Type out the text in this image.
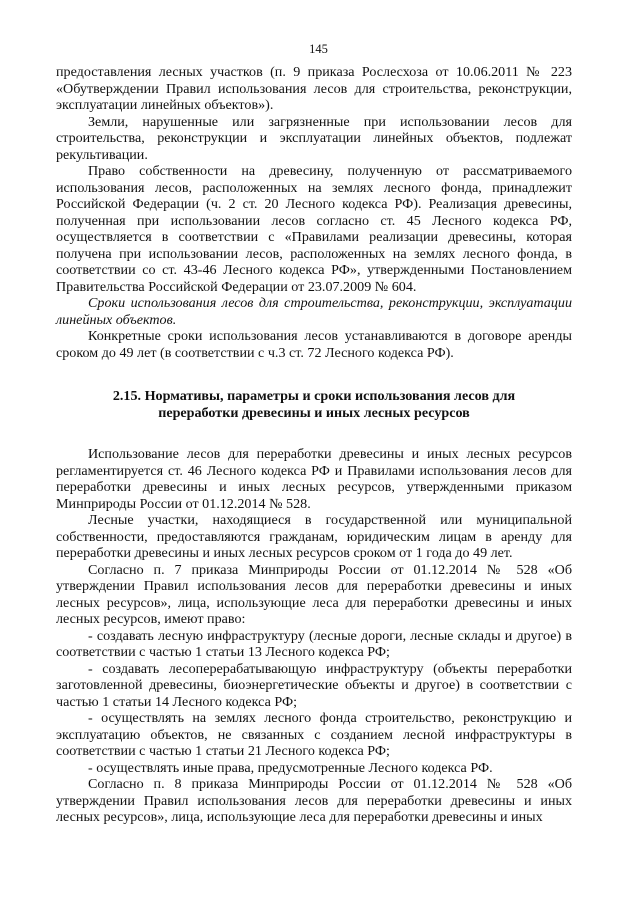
145

предоставления лесных участков (п. 9 приказа Рослесхоза от 10.06.2011 № 223 «Обутверждении Правил использования лесов для строительства, реконструкции, эксплуатации линейных объектов»).

Земли, нарушенные или загрязненные при использовании лесов для строительства, реконструкции и эксплуатации линейных объектов, подлежат рекультивации.

Право собственности на древесину, полученную от рассматриваемого использования лесов, расположенных на землях лесного фонда, принадлежит Российской Федерации (ч. 2 ст. 20 Лесного кодекса РФ). Реализация древесины, полученная при использовании лесов согласно ст. 45 Лесного кодекса РФ, осуществляется в соответствии с «Правилами реализации древесины, которая получена при использовании лесов, расположенных на землях лесного фонда, в соответствии со ст. 43-46 Лесного кодекса РФ», утвержденными Постановлением Правительства Российской Федерации от 23.07.2009 № 604.

Сроки использования лесов для строительства, реконструкции, эксплуатации линейных объектов.

Конкретные сроки использования лесов устанавливаются в договоре аренды сроком до 49 лет (в соответствии с ч.3 ст. 72 Лесного кодекса РФ).

2.15. Нормативы, параметры и сроки использования лесов для переработки древесины и иных лесных ресурсов

Использование лесов для переработки древесины и иных лесных ресурсов регламентируется ст. 46 Лесного кодекса РФ и Правилами использования лесов для переработки древесины и иных лесных ресурсов, утвержденными приказом Минприроды России от 01.12.2014 № 528.

Лесные участки, находящиеся в государственной или муниципальной собственности, предоставляются гражданам, юридическим лицам в аренду для переработки древесины и иных лесных ресурсов сроком от 1 года до 49 лет.

Согласно п. 7 приказа Минприроды России от 01.12.2014 № 528 «Об утверждении Правил использования лесов для переработки древесины и иных лесных ресурсов», лица, использующие леса для переработки древесины и иных лесных ресурсов, имеют право:

- создавать лесную инфраструктуру (лесные дороги, лесные склады и другое) в соответствии с частью 1 статьи 13 Лесного кодекса РФ;

- создавать лесоперерабатывающую инфраструктуру (объекты переработки заготовленной древесины, биоэнергетические объекты и другое) в соответствии с частью 1 статьи 14 Лесного кодекса РФ;

- осуществлять на землях лесного фонда строительство, реконструкцию и эксплуатацию объектов, не связанных с созданием лесной инфраструктуры в соответствии с частью 1 статьи 21 Лесного кодекса РФ;

- осуществлять иные права, предусмотренные Лесного кодекса РФ.

Согласно п. 8 приказа Минприроды России от 01.12.2014 № 528 «Об утверждении Правил использования лесов для переработки древесины и иных лесных ресурсов», лица, использующие леса для переработки древесины и иных
